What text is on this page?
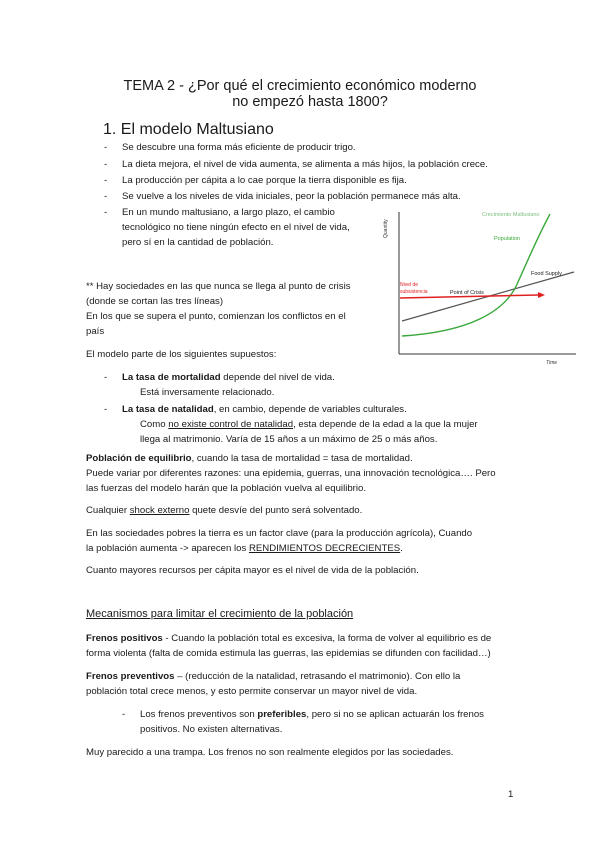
TEMA 2 - ¿Por qué el crecimiento económico moderno
no empezó hasta 1800?
1. El modelo Maltusiano
- Se descubre una forma más eficiente de producir trigo.
- La dieta mejora, el nivel de vida aumenta, se alimenta a más hijos, la población crece.
- La producción per cápita a lo cae porque la tierra disponible es fija.
- Se vuelve a los niveles de vida iniciales, peor la población permanece más alta.
- En un mundo maltusiano, a largo plazo, el cambio
tecnológico no tiene ningún efecto en el nivel de vida,
pero sí en la cantidad de población.
Quantity
Time
Crecimiento Maltusiano
Food Supply
Population
Nivel de
subsistencia	Point of Crisis
** Hay sociedades en las que nunca se llega al punto de crisis
(donde se cortan las tres líneas)
En los que se supera el punto, comienzan los conflictos en el
país
El modelo parte de los siguientes supuestos:
- La tasa de mortalidad depende del nivel de vida.
Está inversamente relacionado.
- La tasa de natalidad, en cambio, depende de variables culturales.
Como no existe control de natalidad, esta depende de la edad a la que la mujer
llega al matrimonio. Varía de 15 años a un máximo de 25 o más años.
Población de equilibrio, cuando la tasa de mortalidad = tasa de mortalidad.
Puede variar por diferentes razones: una epidemia, guerras, una innovación tecnológica…. Pero
las fuerzas del modelo harán que la población vuelva al equilibrio.
Cualquier shock externo quete desvíe del punto será solventado.
En las sociedades pobres la tierra es un factor clave (para la producción agrícola), Cuando
la población aumenta -> aparecen los RENDIMIENTOS DECRECIENTES.
Cuanto mayores recursos per cápita mayor es el nivel de vida de la población.
Mecanismos para limitar el crecimiento de la población
Frenos positivos - Cuando la población total es excesiva, la forma de volver al equilibrio es de
forma violenta (falta de comida estimula las guerras, las epidemias se difunden con facilidad…)
Frenos preventivos – (reducción de la natalidad, retrasando el matrimonio). Con ello la
población total crece menos, y esto permite conservar un mayor nivel de vida.
- Los frenos preventivos son preferibles, pero si no se aplican actuarán los frenos
positivos. No existen alternativas.
Muy parecido a una trampa. Los frenos no son realmente elegidos por las sociedades.
1
